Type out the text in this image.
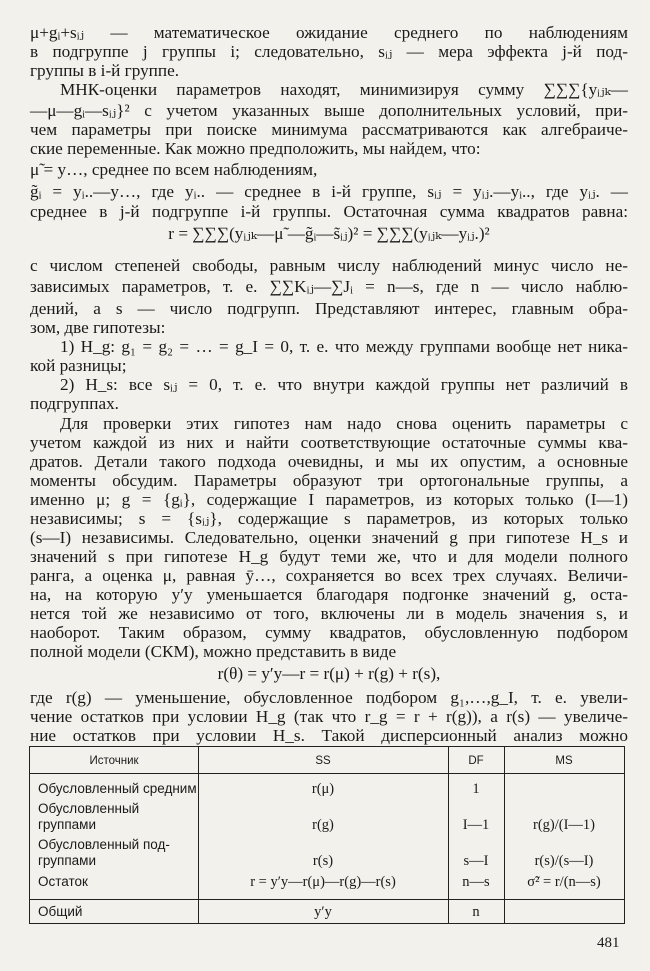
μ+gᵢ+sᵢⱼ — математическое ожидание среднего по наблюдениям
в подгруппе j группы i; следовательно, sᵢⱼ — мера эффекта j-й под-
группы в i-й группе.
МНК-оценки параметров находят, минимизируя сумму ∑∑∑{yᵢⱼₖ—
—μ—gᵢ—sᵢⱼ}² с учетом указанных выше дополнительных условий, при-
чем параметры при поиске минимума рассматриваются как алгебраиче-
ские переменные. Как можно предположить, мы найдем, что:
μ̃ = y…, среднее по всем наблюдениям,
g̃ᵢ = yᵢ..—y…, где yᵢ.. — среднее в i-й группе, sᵢⱼ = yᵢⱼ.—yᵢ.., где yᵢⱼ. —
среднее в j-й подгруппе i-й группы. Остаточная сумма квадратов равна:
r = ∑∑∑(yᵢⱼₖ—μ̃ —g̃ᵢ—s̃ᵢⱼ)² = ∑∑∑(yᵢⱼₖ—yᵢⱼ.)²
с числом степеней свободы, равным числу наблюдений минус число не-
зависимых параметров, т. е. ∑∑Kᵢⱼ—∑Jᵢ = n—s, где n — число наблю-
дений, а s — число подгрупп. Представляют интерес, главным обра-
зом, две гипотезы:
1) H_g: g₁ = g₂ = … = g_I = 0, т. е. что между группами вообще нет ника-
кой разницы;
2) H_s: все sᵢⱼ = 0, т. е. что внутри каждой группы нет различий в
подгруппах.
Для проверки этих гипотез нам надо снова оценить параметры с
учетом каждой из них и найти соответствующие остаточные суммы ква-
дратов. Детали такого подхода очевидны, и мы их опустим, а основные
моменты обсудим. Параметры образуют три ортогональные группы, а
именно μ; g = {gᵢ}, содержащие I параметров, из которых только (I—1)
независимы; s = {sᵢⱼ}, содержащие s параметров, из которых только
(s—I) независимы. Следовательно, оценки значений g при гипотезе H_s и
значений s при гипотезе H_g будут теми же, что и для модели полного
ранга, а оценка μ, равная ȳ…, сохраняется во всех трех случаях. Величи-
на, на которую y′y уменьшается благодаря подгонке значений g, оста-
нется той же независимо от того, включены ли в модель значения s, и
наоборот. Таким образом, сумму квадратов, обусловленную подбором
полной модели (СКМ), можно представить в виде
r(θ) = y′y—r = r(μ) + r(g) + r(s),
где r(g) — уменьшение, обусловленное подбором g₁,…,g_I, т. е. увели-
чение остатков при условии H_g (так что r_g = r + r(g)), а r(s) — увеличе-
ние остатков при условии H_s. Такой дисперсионный анализ можно
Источник	SS	DF	MS
Обусловленный средним	r(μ)	1
Обусловленный
группами	r(g)	I—1	r(g)/(I—1)
Обусловленный под-
группами	r(s)	s—I	r(s)/(s—I)
Остаток	r = y′y—r(μ)—r(g)—r(s)	n—s	σ̃² = r/(n—s)
Общий	y′y	n
481
